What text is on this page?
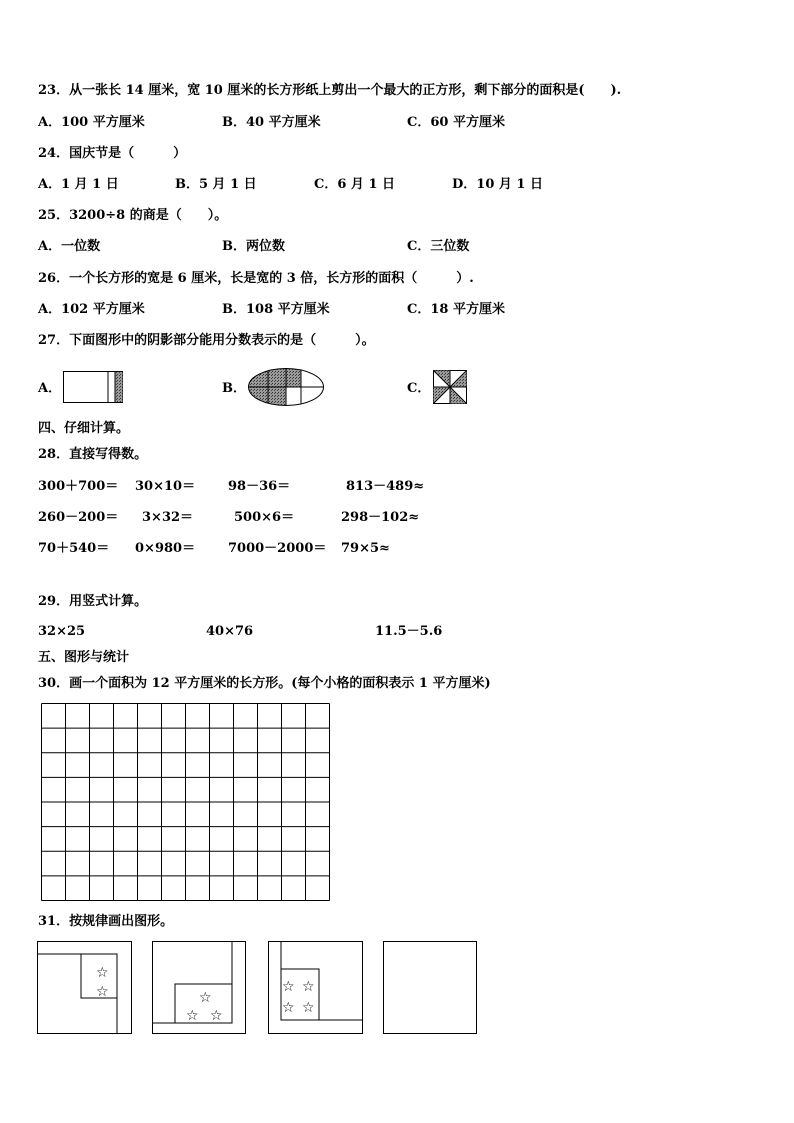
23．从一张长 14 厘米，宽 10 厘米的长方形纸上剪出一个最大的正方形，剩下部分的面积是(　　).
A．100 平方厘米	B．40 平方厘米	C．60 平方厘米
24．国庆节是（　　　）
A．1 月 1 日	B．5 月 1 日	C．6 月 1 日	D．10 月 1 日
25．3200÷8 的商是（　　）。
A．一位数	B．两位数	C．三位数
26．一个长方形的宽是 6 厘米，长是宽的 3 倍，长方形的面积（　　　）.
A．102 平方厘米	B．108 平方厘米	C．18 平方厘米
27．下面图形中的阴影部分能用分数表示的是（　　　）。
A．	B．	C．
四、仔细计算。
28．直接写得数。
300＋700＝ 30×10＝	98－36＝	813－489≈
260－200＝ 3×32＝	500×6＝	298－102≈
70＋540＝ 0×980＝	7000－2000＝ 79×5≈
29．用竖式计算。
32×25	40×76	11.5－5.6
五、图形与统计
30．画一个面积为 12 平方厘米的长方形。(每个小格的面积表示 1 平方厘米)
31．按规律画出图形。
☆
☆	☆
☆ ☆
☆ ☆
☆ ☆
